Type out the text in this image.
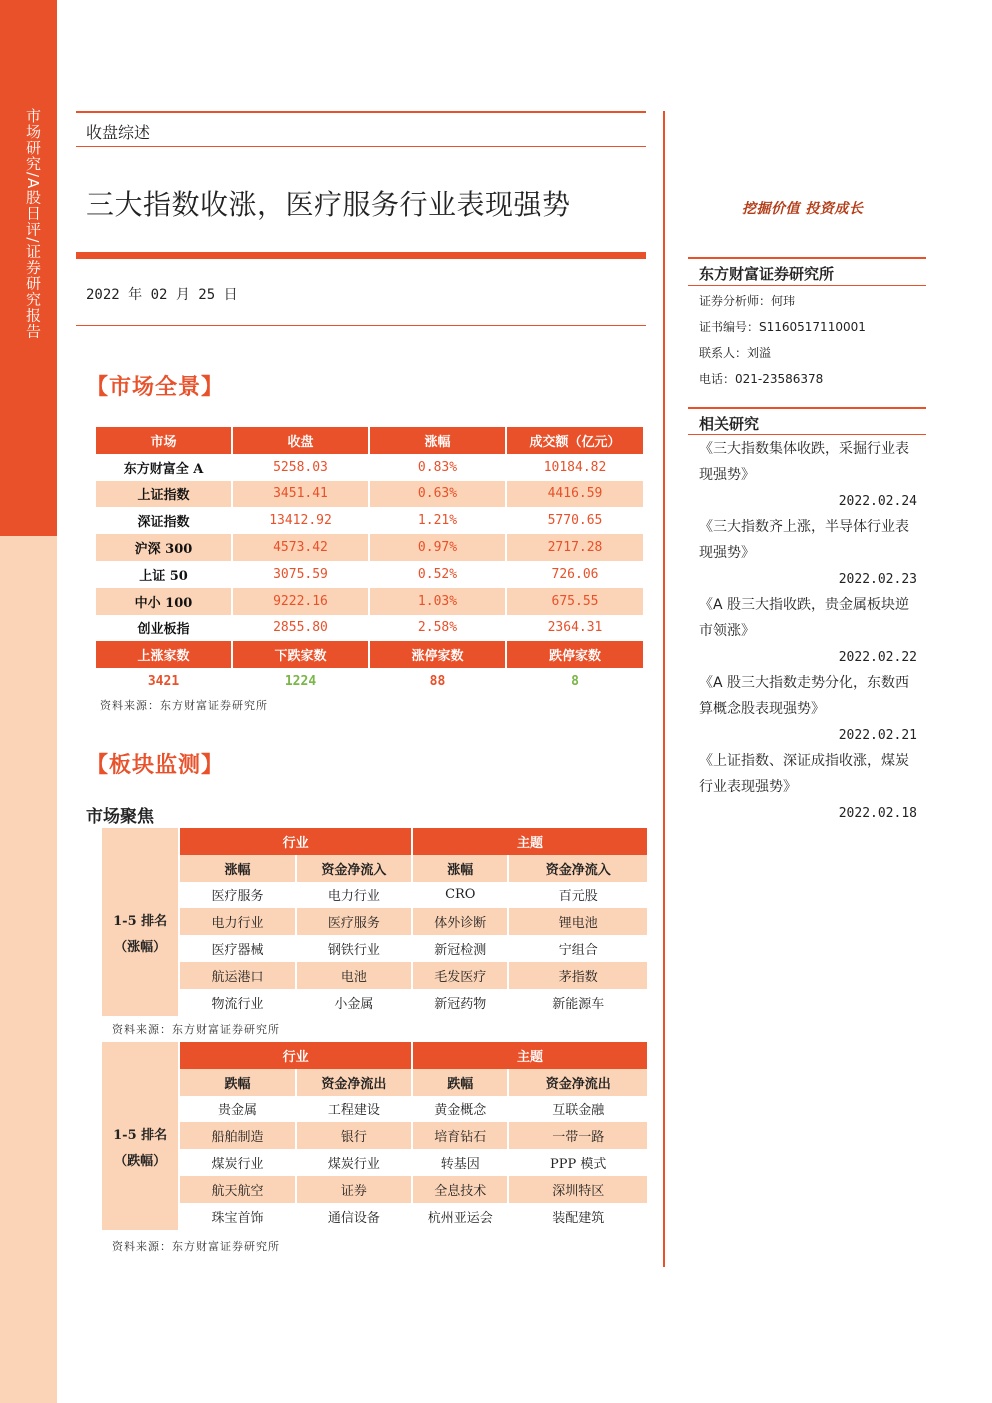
市场研究/A股日评/证券研究报告	收盘综述
三大指数收涨，医疗服务行业表现强势
2022 年 02 月 25 日
【市场全景】
市场	收盘	涨幅	成交额（亿元）
东方财富全 A	5258.03	0.83%	10184.82
上证指数	3451.41	0.63%	4416.59
深证指数	13412.92	1.21%	5770.65
沪深 300	4573.42	0.97%	2717.28
上证 50	3075.59	0.52%	726.06
中小 100	9222.16	1.03%	675.55
创业板指	2855.80	2.58%	2364.31
上涨家数	下跌家数	涨停家数	跌停家数
3421	1224	88	8
资料来源：东方财富证券研究所
【板块监测】
市场聚焦
	行业		主题	

1-5 排名
（涨幅）	涨幅	资金净流入	涨幅	资金净流入
	医疗服务	电力行业	CRO	百元股
	电力行业	医疗服务	体外诊断	锂电池
	医疗器械	钢铁行业	新冠检测	宁组合
	航运港口	电池	毛发医疗	茅指数
	物流行业	小金属	新冠药物	新能源车
资料来源：东方财富证券研究所
	行业		主题	

1-5 排名
（跌幅）	跌幅	资金净流出	跌幅	资金净流出
	贵金属	工程建设	黄金概念	互联金融
	船舶制造	银行	培育钻石	一带一路
	煤炭行业	煤炭行业	转基因	PPP 模式
	航天航空	证券	全息技术	深圳特区
	珠宝首饰	通信设备	杭州亚运会	装配建筑
资料来源：东方财富证券研究所
挖掘价值 投资成长
东方财富证券研究所
证券分析师：何玮
证书编号：S1160517110001
联系人：刘溢
电话：021-23586378
相关研究
《三大指数集体收跌，采掘行业表现强势》
2022.02.24
《三大指数齐上涨，半导体行业表现强势》
2022.02.23
《A 股三大指收跌，贵金属板块逆市领涨》
2022.02.22
《A 股三大指数走势分化，东数西算概念股表现强势》
2022.02.21
《上证指数、深证成指收涨，煤炭行业表现强势》
2022.02.18
